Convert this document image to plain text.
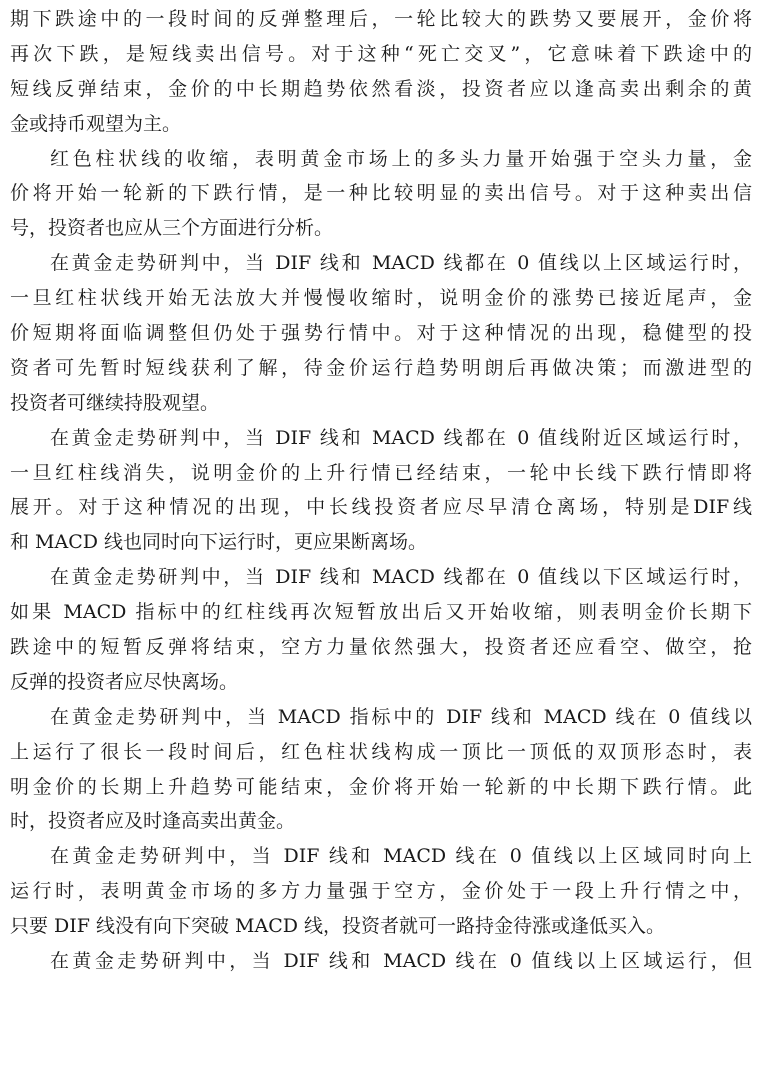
期下跌途中的一段时间的反弹整理后，一轮比较大的跌势又要展开，金价将
再次下跌，是短线卖出信号。对于这种“死亡交叉”，它意味着下跌途中的
短线反弹结束，金价的中长期趋势依然看淡，投资者应以逢高卖出剩余的黄
金或持币观望为主。
红色柱状线的收缩，表明黄金市场上的多头力量开始强于空头力量，金
价将开始一轮新的下跌行情，是一种比较明显的卖出信号。对于这种卖出信
号，投资者也应从三个方面进行分析。
在黄金走势研判中，当 DIF 线和 MACD 线都在 0 值线以上区域运行时，
一旦红柱状线开始无法放大并慢慢收缩时，说明金价的涨势已接近尾声，金
价短期将面临调整但仍处于强势行情中。对于这种情况的出现，稳健型的投
资者可先暂时短线获利了解，待金价运行趋势明朗后再做决策；而激进型的
投资者可继续持股观望。
在黄金走势研判中，当 DIF 线和 MACD 线都在 0 值线附近区域运行时，
一旦红柱线消失，说明金价的上升行情已经结束，一轮中长线下跌行情即将
展开。对于这种情况的出现，中长线投资者应尽早清仓离场，特别是DIF线
和 MACD 线也同时向下运行时，更应果断离场。
在黄金走势研判中，当 DIF 线和 MACD 线都在 0 值线以下区域运行时，
如果 MACD 指标中的红柱线再次短暂放出后又开始收缩，则表明金价长期下
跌途中的短暂反弹将结束，空方力量依然强大，投资者还应看空、做空，抢
反弹的投资者应尽快离场。
在黄金走势研判中，当 MACD 指标中的 DIF 线和 MACD 线在 0 值线以
上运行了很长一段时间后，红色柱状线构成一顶比一顶低的双顶形态时，表
明金价的长期上升趋势可能结束，金价将开始一轮新的中长期下跌行情。此
时，投资者应及时逢高卖出黄金。
在黄金走势研判中，当 DIF 线和 MACD 线在 0 值线以上区域同时向上
运行时，表明黄金市场的多方力量强于空方，金价处于一段上升行情之中，
只要 DIF 线没有向下突破 MACD 线，投资者就可一路持金待涨或逢低买入。
在黄金走势研判中，当 DIF 线和 MACD 线在 0 值线以上区域运行，但
